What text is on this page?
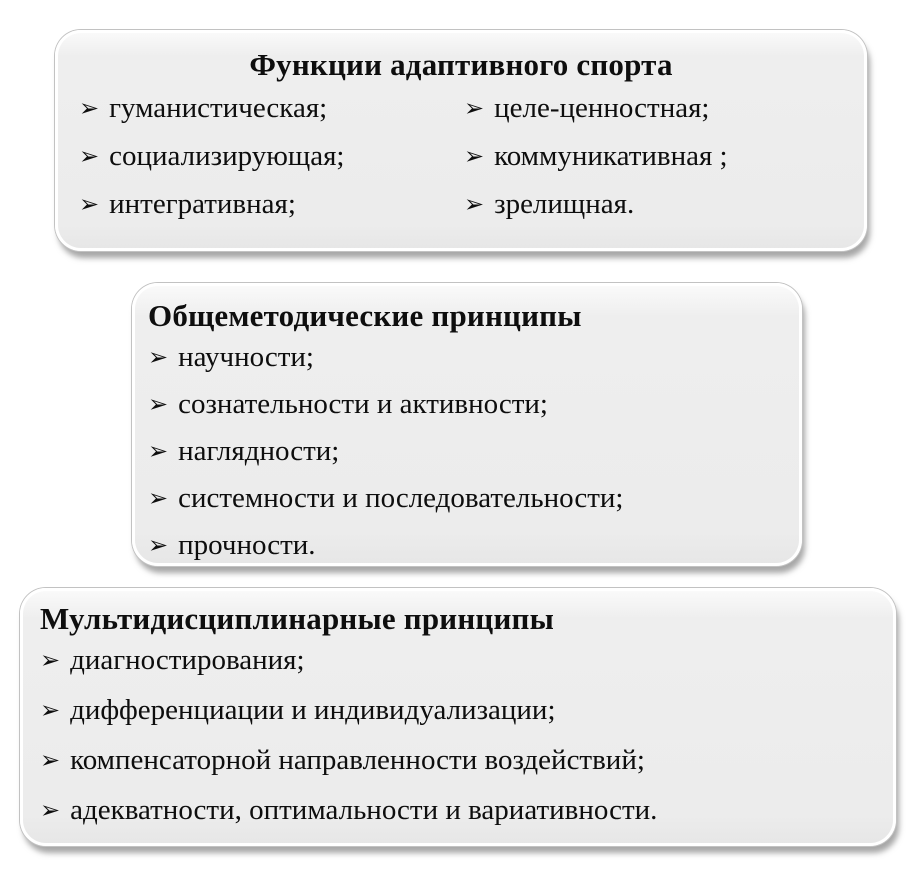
Функции адаптивного спорта
➢ гуманистическая;	➢ целе-ценностная;
➢ социализирующая;	➢ коммуникативная ;
➢ интегративная;	➢ зрелищная.
Общеметодические принципы
➢ научности;
➢ сознательности и активности;
➢ наглядности;
➢ системности и последовательности;
➢ прочности.
Мультидисциплинарные принципы
➢ диагностирования;
➢ дифференциации и индивидуализации;
➢ компенсаторной направленности воздействий;
➢ адекватности, оптимальности и вариативности.
